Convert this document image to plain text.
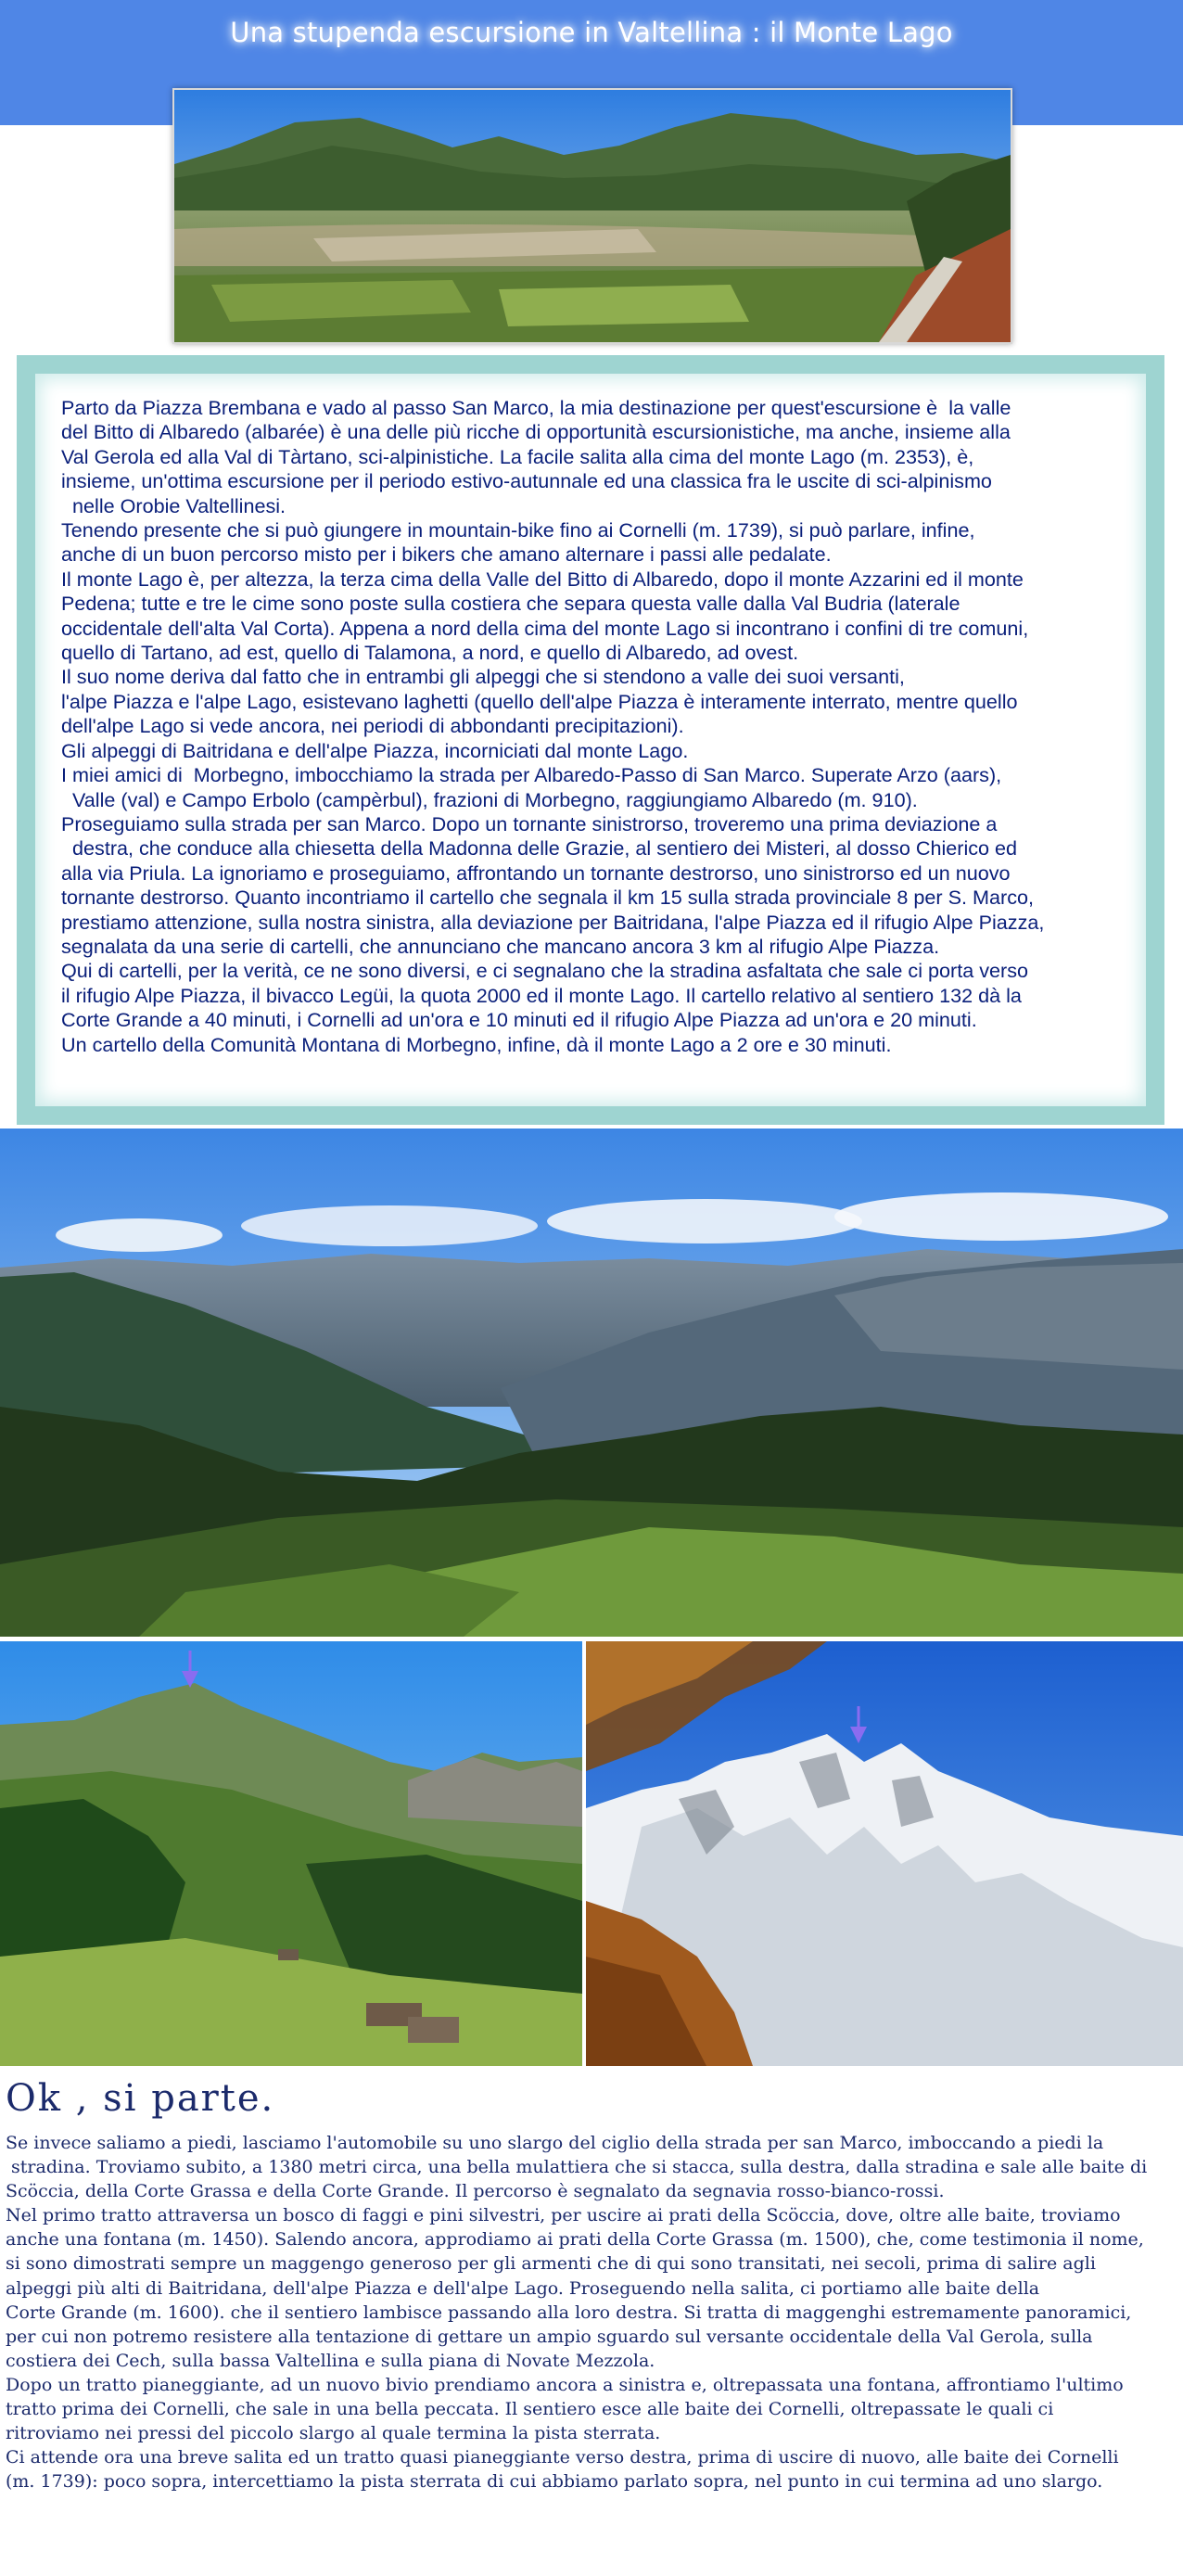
Una stupenda escursione in Valtellina : il Monte Lago

Parto da Piazza Brembana e vado al passo San Marco, la mia destinazione per quest'escursione è  la valle
del Bitto di Albaredo (albarée) è una delle più ricche di opportunità escursionistiche, ma anche, insieme alla
Val Gerola ed alla Val di Tàrtano, sci-alpinistiche. La facile salita alla cima del monte Lago (m. 2353), è,
insieme, un'ottima escursione per il periodo estivo-autunnale ed una classica fra le uscite di sci-alpinismo
nelle Orobie Valtellinesi.
Tenendo presente che si può giungere in mountain-bike fino ai Cornelli (m. 1739), si può parlare, infine,
anche di un buon percorso misto per i bikers che amano alternare i passi alle pedalate.
Il monte Lago è, per altezza, la terza cima della Valle del Bitto di Albaredo, dopo il monte Azzarini ed il monte
Pedena; tutte e tre le cime sono poste sulla costiera che separa questa valle dalla Val Budria (laterale
occidentale dell'alta Val Corta). Appena a nord della cima del monte Lago si incontrano i confini di tre comuni,
quello di Tartano, ad est, quello di Talamona, a nord, e quello di Albaredo, ad ovest.
Il suo nome deriva dal fatto che in entrambi gli alpeggi che si stendono a valle dei suoi versanti,
l'alpe Piazza e l'alpe Lago, esistevano laghetti (quello dell'alpe Piazza è interamente interrato, mentre quello
dell'alpe Lago si vede ancora, nei periodi di abbondanti precipitazioni).
Gli alpeggi di Baitridana e dell'alpe Piazza, incorniciati dal monte Lago.
I miei amici di  Morbegno, imbocchiamo la strada per Albaredo-Passo di San Marco. Superate Arzo (aars),
Valle (val) e Campo Erbolo (campèrbul), frazioni di Morbegno, raggiungiamo Albaredo (m. 910).
Proseguiamo sulla strada per san Marco. Dopo un tornante sinistrorso, troveremo una prima deviazione a
destra, che conduce alla chiesetta della Madonna delle Grazie, al sentiero dei Misteri, al dosso Chierico ed
alla via Priula. La ignoriamo e proseguiamo, affrontando un tornante destrorso, uno sinistrorso ed un nuovo
tornante destrorso. Quanto incontriamo il cartello che segnala il km 15 sulla strada provinciale 8 per S. Marco,
prestiamo attenzione, sulla nostra sinistra, alla deviazione per Baitridana, l'alpe Piazza ed il rifugio Alpe Piazza,
segnalata da una serie di cartelli, che annunciano che mancano ancora 3 km al rifugio Alpe Piazza.
Qui di cartelli, per la verità, ce ne sono diversi, e ci segnalano che la stradina asfaltata che sale ci porta verso
il rifugio Alpe Piazza, il bivacco Legüi, la quota 2000 ed il monte Lago. Il cartello relativo al sentiero 132 dà la
Corte Grande a 40 minuti, i Cornelli ad un'ora e 10 minuti ed il rifugio Alpe Piazza ad un'ora e 20 minuti.
Un cartello della Comunità Montana di Morbegno, infine, dà il monte Lago a 2 ore e 30 minuti.

Ok , si parte.

Se invece saliamo a piedi, lasciamo l'automobile su uno slargo del ciglio della strada per san Marco, imboccando a piedi la
stradina. Troviamo subito, a 1380 metri circa, una bella mulattiera che si stacca, sulla destra, dalla stradina e sale alle baite di
Scöccia, della Corte Grassa e della Corte Grande. Il percorso è segnalato da segnavia rosso-bianco-rossi.
Nel primo tratto attraversa un bosco di faggi e pini silvestri, per uscire ai prati della Scöccia, dove, oltre alle baite, troviamo
anche una fontana (m. 1450). Salendo ancora, approdiamo ai prati della Corte Grassa (m. 1500), che, come testimonia il nome,
si sono dimostrati sempre un maggengo generoso per gli armenti che di qui sono transitati, nei secoli, prima di salire agli
alpeggi più alti di Baitridana, dell'alpe Piazza e dell'alpe Lago. Proseguendo nella salita, ci portiamo alle baite della
Corte Grande (m. 1600). che il sentiero lambisce passando alla loro destra. Si tratta di maggenghi estremamente panoramici,
per cui non potremo resistere alla tentazione di gettare un ampio sguardo sul versante occidentale della Val Gerola, sulla
costiera dei Cech, sulla bassa Valtellina e sulla piana di Novate Mezzola.
Dopo un tratto pianeggiante, ad un nuovo bivio prendiamo ancora a sinistra e, oltrepassata una fontana, affrontiamo l'ultimo
tratto prima dei Cornelli, che sale in una bella peccata. Il sentiero esce alle baite dei Cornelli, oltrepassate le quali ci
ritroviamo nei pressi del piccolo slargo al quale termina la pista sterrata.
Ci attende ora una breve salita ed un tratto quasi pianeggiante verso destra, prima di uscire di nuovo, alle baite dei Cornelli
(m. 1739): poco sopra, intercettiamo la pista sterrata di cui abbiamo parlato sopra, nel punto in cui termina ad uno slargo.
